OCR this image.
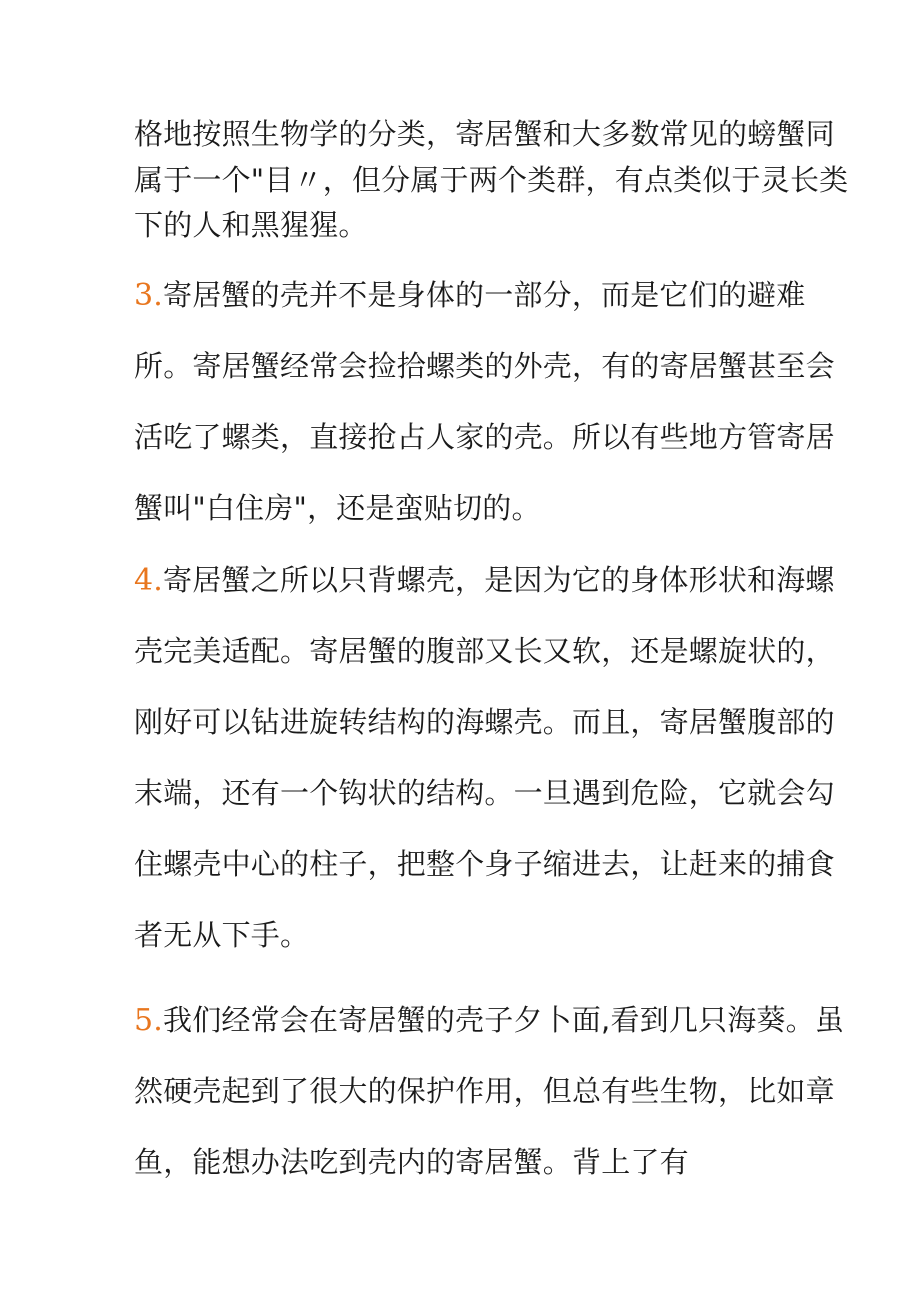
格地按照生物学的分类，寄居蟹和大多数常见的螃蟹同
属于一个"目〃，但分属于两个类群，有点类似于灵长类
下的人和黑猩猩。
3.寄居蟹的壳并不是身体的一部分，而是它们的避难
所。寄居蟹经常会捡拾螺类的外壳，有的寄居蟹甚至会
活吃了螺类，直接抢占人家的壳。所以有些地方管寄居
蟹叫"白住房"，还是蛮贴切的。
4.寄居蟹之所以只背螺壳，是因为它的身体形状和海螺
壳完美适配。寄居蟹的腹部又长又软，还是螺旋状的，
刚好可以钻进旋转结构的海螺壳。而且，寄居蟹腹部的
末端，还有一个钩状的结构。一旦遇到危险，它就会勾
住螺壳中心的柱子，把整个身子缩进去，让赶来的捕食
者无从下手。
5.我们经常会在寄居蟹的壳子夕卜面,看到几只海葵。虽
然硬壳起到了很大的保护作用，但总有些生物，比如章
鱼，能想办法吃到壳内的寄居蟹。背上了有
